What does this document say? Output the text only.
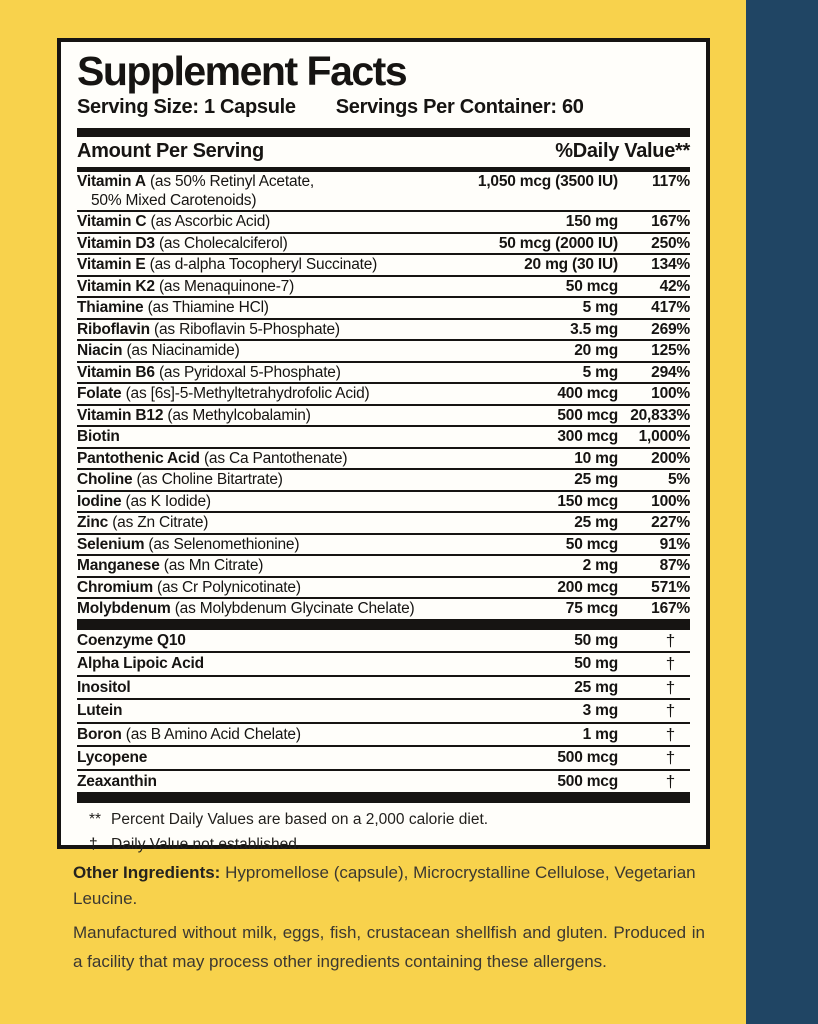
Supplement Facts
Serving Size: 1 Capsule Servings Per Container: 60
Amount Per Serving	%Daily Value**
Vitamin A (as 50% Retinyl Acetate,
50% Mixed Carotenoids)
1,050 mcg (3500 IU)	117%
Vitamin C (as Ascorbic Acid)	150 mg	167%
Vitamin D3 (as Cholecalciferol)	50 mcg (2000 IU)	250%
Vitamin E (as d-alpha Tocopheryl Succinate)	20 mg (30 IU)	134%
Vitamin K2 (as Menaquinone-7)	50 mcg	42%
Thiamine (as Thiamine HCl)	5 mg	417%
Riboflavin (as Riboflavin 5-Phosphate)	3.5 mg	269%
Niacin (as Niacinamide)	20 mg	125%
Vitamin B6 (as Pyridoxal 5-Phosphate)	5 mg	294%
Folate (as [6s]-5-Methyltetrahydrofolic Acid)	400 mcg	100%
Vitamin B12 (as Methylcobalamin)	500 mcg 20,833%
Biotin	300 mcg	1,000%
Pantothenic Acid (as Ca Pantothenate)	10 mg	200%
Choline (as Choline Bitartrate)	25 mg	5%
Iodine (as K Iodide)	150 mcg	100%
Zinc (as Zn Citrate)	25 mg	227%
Selenium (as Selenomethionine)	50 mcg	91%
Manganese (as Mn Citrate)	2 mg	87%
Chromium (as Cr Polynicotinate)	200 mcg	571%
Molybdenum (as Molybdenum Glycinate Chelate)	75 mcg	167%
Coenzyme Q10	50 mg	†
Alpha Lipoic Acid	50 mg	†
Inositol	25 mg	†
Lutein	3 mg	†
Boron (as B Amino Acid Chelate)	1 mg	†
Lycopene	500 mcg	†
Zeaxanthin	500 mcg	†
** Percent Daily Values are based on a 2,000 calorie diet.
† Daily Value not established.

Other Ingredients: Hypromellose (capsule), Microcrystalline Cellulose, Vegetarian Leucine.

Manufactured without milk, eggs, fish, crustacean shellfish and gluten. Produced in a facility that may process other ingredients containing these allergens.
